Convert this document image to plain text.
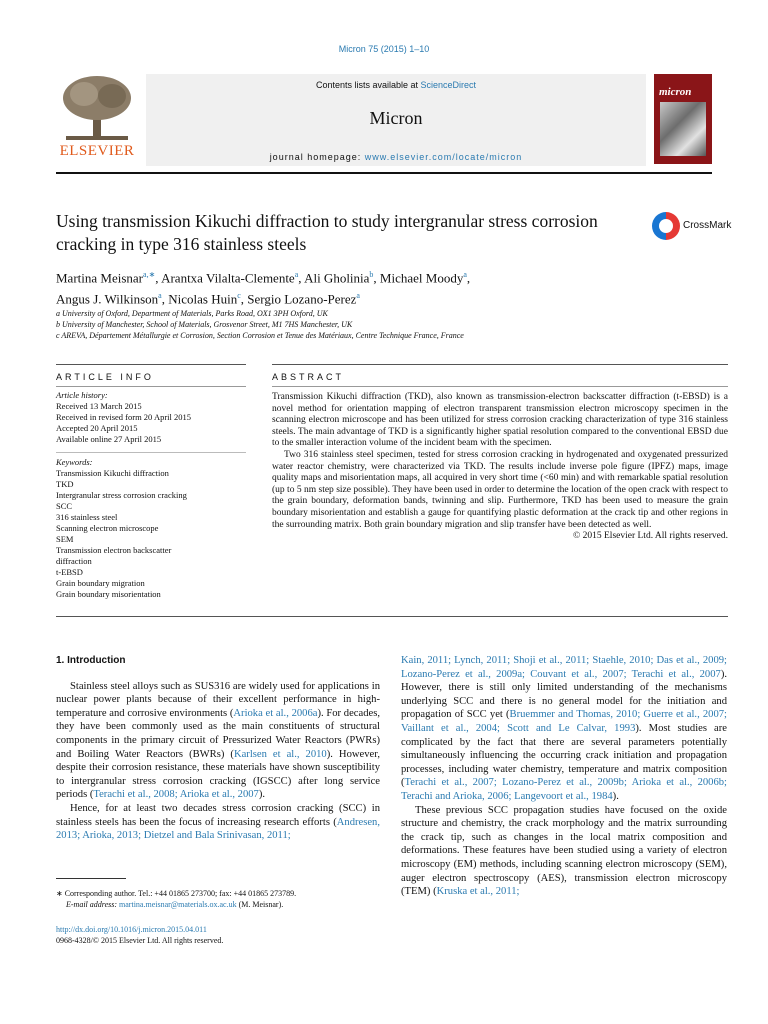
Micron 75 (2015) 1–10
ELSEVIER
Contents lists available at ScienceDirect
Micron
journal homepage: www.elsevier.com/locate/micron
micron
Using transmission Kikuchi diffraction to study intergranular stress corrosion cracking in type 316 stainless steels
CrossMark
Martina Meisnar$^{a,∗}$, Arantxa Vilalta-Clemente$^a$, Ali Gholinia$^b$, Michael Moody$^a$,
Angus J. Wilkinson$^a$, Nicolas Huin$^c$, Sergio Lozano-Perez$^a$
a University of Oxford, Department of Materials, Parks Road, OX1 3PH Oxford, UK
b University of Manchester, School of Materials, Grosvenor Street, M1 7HS Manchester, UK
c AREVA, Département Métallurgie et Corrosion, Section Corrosion et Tenue des Matériaux, Centre Technique France, France
ARTICLE INFO	ABSTRACT
Article history:
Received 13 March 2015
Received in revised form 20 April 2015
Accepted 20 April 2015
Available online 27 April 2015
Keywords:
Transmission Kikuchi diffraction
TKD
Intergranular stress corrosion cracking
SCC
316 stainless steel
Scanning electron microscope
SEM
Transmission electron backscatter
diffraction
t-EBSD
Grain boundary migration
Grain boundary misorientation

Transmission Kikuchi diffraction (TKD), also known as transmission-electron backscatter diffraction (t-EBSD) is a novel method for orientation mapping of electron transparent transmission electron microscopy specimen in the scanning electron microscope and has been utilized for stress corrosion cracking characterization of type 316 stainless steels. The main advantage of TKD is a significantly higher spatial resolution compared to the conventional EBSD due to the smaller interaction volume of the incident beam with the specimen.

Two 316 stainless steel specimen, tested for stress corrosion cracking in hydrogenated and oxygenated pressurized water reactor chemistry, were characterized via TKD. The results include inverse pole figure (IPFZ) maps, image quality maps and misorientation maps, all acquired in very short time (<60 min) and with remarkable spatial resolution (up to 5 nm step size possible). They have been used in order to determine the location of the open crack with respect to the grain boundary, deformation bands, twinning and slip. Furthermore, TKD has been used to measure the grain boundary misorientation and establish a gauge for quantifying plastic deformation at the crack tip and other regions in the surrounding matrix. Both grain boundary migration and slip transfer have been detected as well.

© 2015 Elsevier Ltd. All rights reserved.
1. Introduction

Stainless steel alloys such as SUS316 are widely used for applications in nuclear power plants because of their excellent performance in high-temperature and corrosive environments (Arioka et al., 2006a). For decades, they have been commonly used as the main constituents of structural components in the primary circuit of Pressurized Water Reactors (PWRs) and Boiling Water Reactors (BWRs) (Karlsen et al., 2010). However, despite their corrosion resistance, these materials have shown susceptibility to intergranular stress corrosion cracking (IGSCC) after long service periods (Terachi et al., 2008; Arioka et al., 2007).

Hence, for at least two decades stress corrosion cracking (SCC) in stainless steels has been the focus of increasing research efforts (Andresen, 2013; Arioka, 2013; Dietzel and Bala Srinivasan, 2011;

∗ Corresponding author. Tel.: +44 01865 273700; fax: +44 01865 273789.
E-mail address: martina.meisnar@materials.ox.ac.uk (M. Meisnar).
http://dx.doi.org/10.1016/j.micron.2015.04.011
0968-4328/© 2015 Elsevier Ltd. All rights reserved.

Kain, 2011; Lynch, 2011; Shoji et al., 2011; Staehle, 2010; Das et al., 2009; Lozano-Perez et al., 2009a; Couvant et al., 2007; Terachi et al., 2007). However, there is still only limited understanding of the mechanisms underlying SCC and there is no general model for the initiation and propagation of SCC yet (Bruemmer and Thomas, 2010; Guerre et al., 2007; Vaillant et al., 2004; Scott and Le Calvar, 1993). Most studies are complicated by the fact that there are several parameters potentially simultaneously influencing the occurring crack initiation and propagation processes, including water chemistry, temperature and matrix composition (Terachi et al., 2007; Lozano-Perez et al., 2009b; Arioka et al., 2006b; Terachi and Arioka, 2006; Langevoort et al., 1984).

These previous SCC propagation studies have focused on the oxide structure and chemistry, the crack morphology and the matrix surrounding the crack tip, such as changes in the local matrix composition and deformations. These features have been studied using a variety of electron microscopy (EM) methods, including scanning electron microscopy (SEM), auger electron spectroscopy (AES), transmission electron microscopy (TEM) (Kruska et al., 2011;
